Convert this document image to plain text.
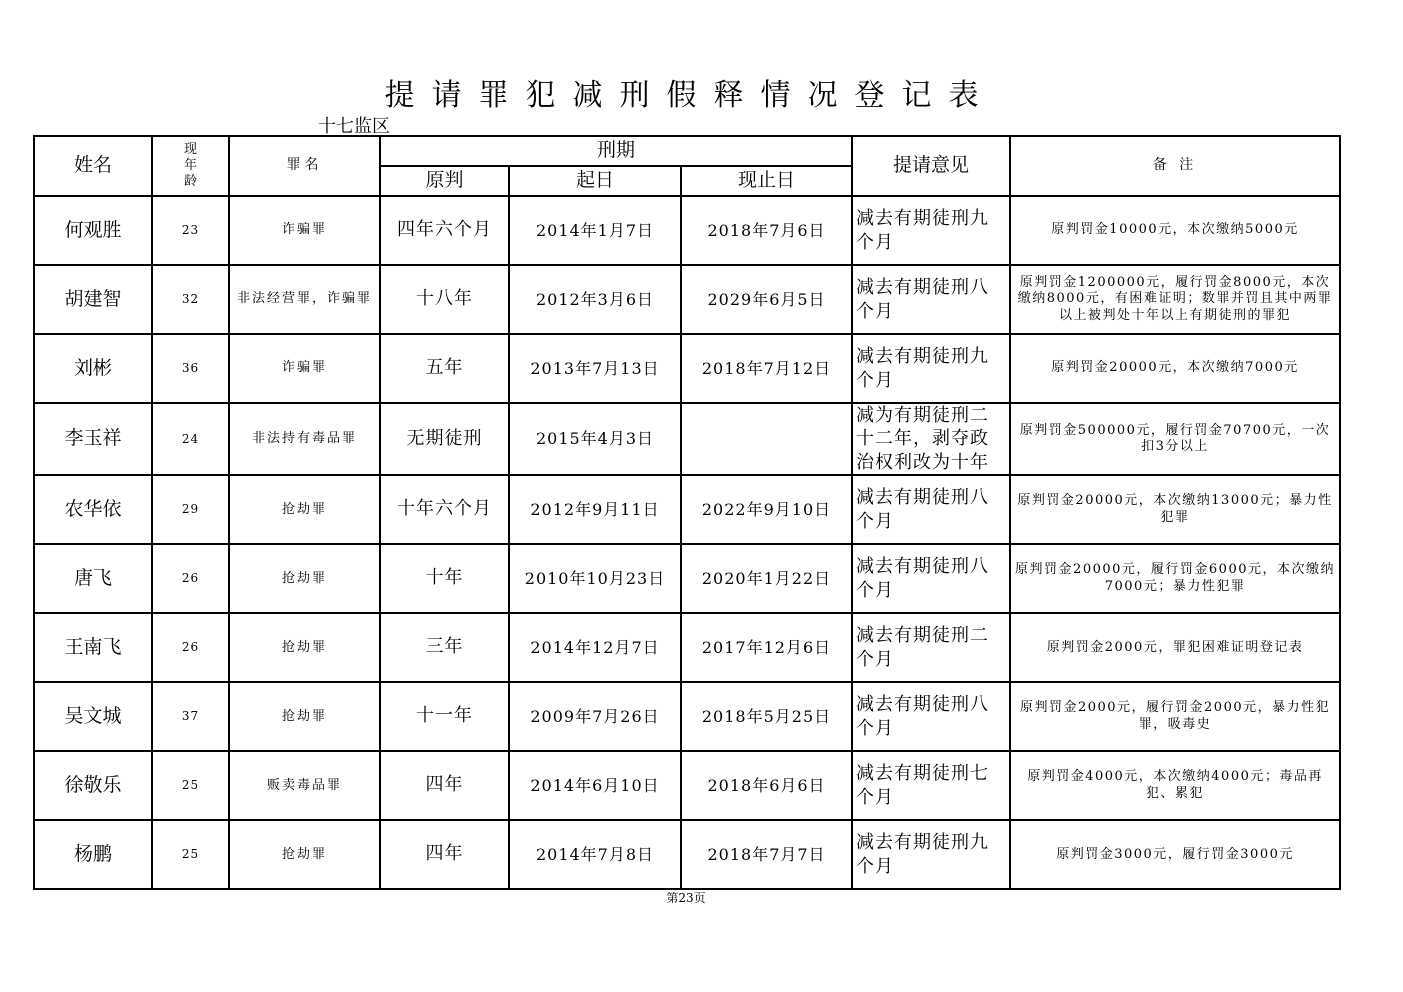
提请罪犯减刑假释情况登记表
十七监区
姓名	现年龄	罪名	刑期			提请意见	备 注
			原判	起日	现止日		
何观胜	23	诈骗罪	四年六个月	2014年1月7日	2018年7月6日	减去有期徒刑九个月	原判罚金10000元，本次缴纳5000元
胡建智	32	非法经营罪，诈骗罪	十八年	2012年3月6日	2029年6月5日	减去有期徒刑八个月	原判罚金1200000元，履行罚金8000元，本次缴纳8000元，有困难证明；数罪并罚且其中两罪以上被判处十年以上有期徒刑的罪犯
刘彬	36	诈骗罪	五年	2013年7月13日	2018年7月12日	减去有期徒刑九个月	原判罚金20000元，本次缴纳7000元
李玉祥	24	非法持有毒品罪	无期徒刑	2015年4月3日		减为有期徒刑二十二年，剥夺政治权利改为十年	原判罚金500000元，履行罚金70700元，一次扣3分以上
农华依	29	抢劫罪	十年六个月	2012年9月11日	2022年9月10日	减去有期徒刑八个月	原判罚金20000元，本次缴纳13000元；暴力性犯罪
唐飞	26	抢劫罪	十年	2010年10月23日	2020年1月22日	减去有期徒刑八个月	原判罚金20000元，履行罚金6000元，本次缴纳7000元；暴力性犯罪
王南飞	26	抢劫罪	三年	2014年12月7日	2017年12月6日	减去有期徒刑二个月	原判罚金2000元，罪犯困难证明登记表
吴文城	37	抢劫罪	十一年	2009年7月26日	2018年5月25日	减去有期徒刑八个月	原判罚金2000元，履行罚金2000元，暴力性犯罪，吸毒史
徐敬乐	25	贩卖毒品罪	四年	2014年6月10日	2018年6月6日	减去有期徒刑七个月	原判罚金4000元，本次缴纳4000元；毒品再犯、累犯
杨鹏	25	抢劫罪	四年	2014年7月8日	2018年7月7日	减去有期徒刑九个月	原判罚金3000元，履行罚金3000元
第23页
